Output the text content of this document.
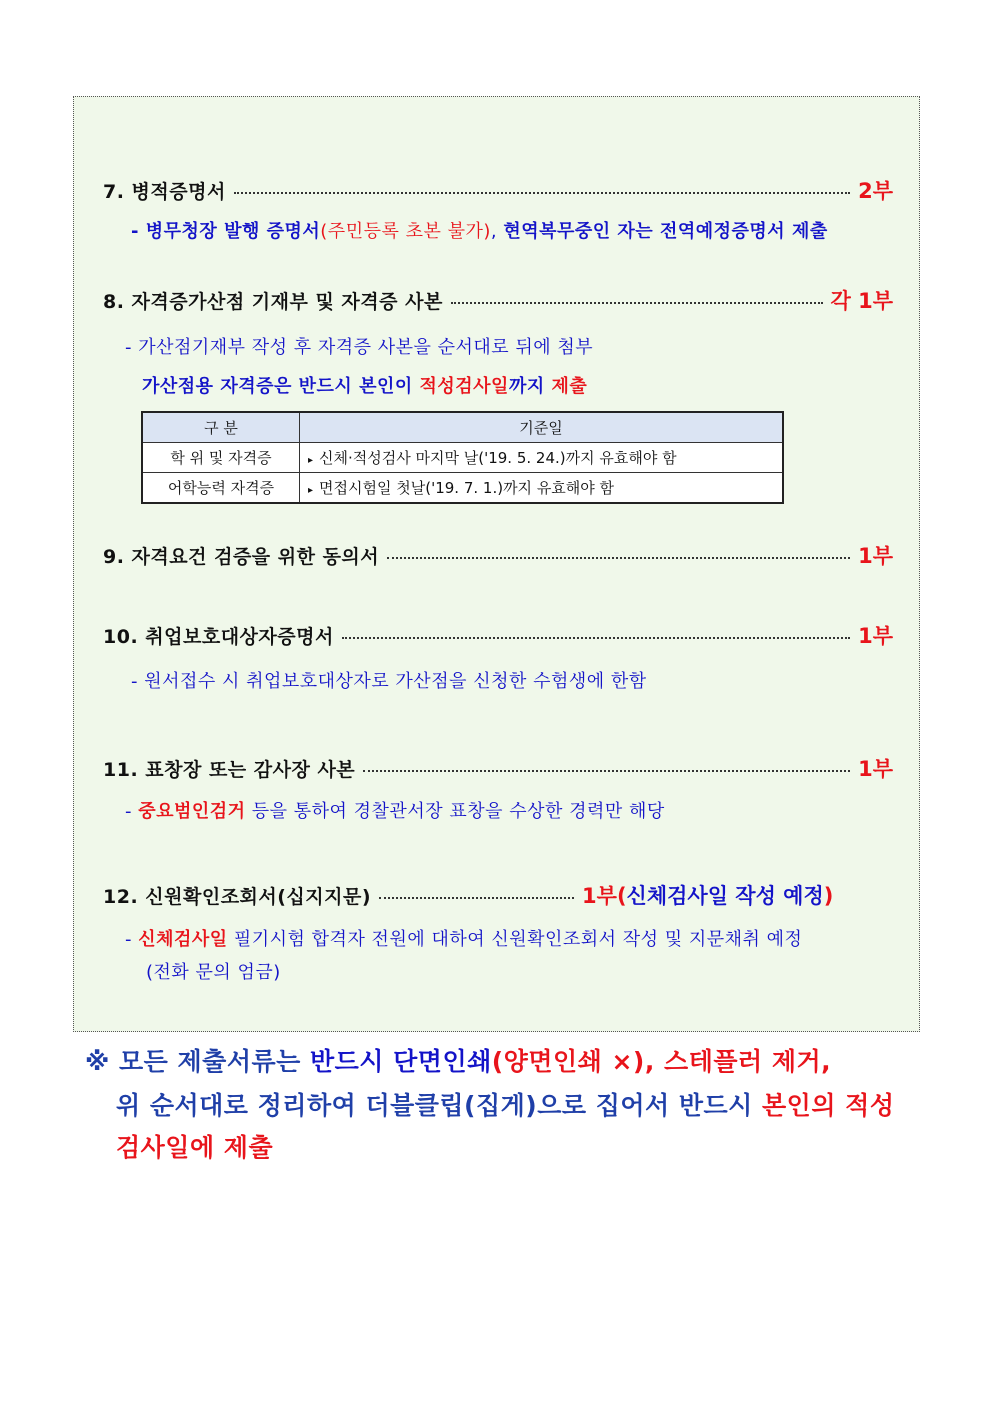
7. 병적증명서	2부
- 병무청장 발행 증명서(주민등록 초본 불가), 현역복무중인 자는 전역예정증명서 제출
8. 자격증가산점 기재부 및 자격증 사본	각 1부
- 가산점기재부 작성 후 자격증 사본을 순서대로 뒤에 첨부
가산점용 자격증은 반드시 본인이 적성검사일까지 제출
구 분	기준일
학 위 및 자격증	▸ 신체·적성검사 마지막 날('19. 5. 24.)까지 유효해야 함
어학능력 자격증	▸ 면접시험일 첫날('19. 7. 1.)까지 유효해야 함
9. 자격요건 검증을 위한 동의서	1부
10. 취업보호대상자증명서	1부
- 원서접수 시 취업보호대상자로 가산점을 신청한 수험생에 한함
11. 표창장 또는 감사장 사본	1부
- 중요범인검거 등을 통하여 경찰관서장 표창을 수상한 경력만 해당
12. 신원확인조회서(십지지문)	1부(신체검사일 작성 예정)
- 신체검사일 필기시험 합격자 전원에 대하여 신원확인조회서 작성 및 지문채취 예정
(전화 문의 엄금)
※ 모든 제출서류는 반드시 단면인쇄(양면인쇄 ×), 스테플러 제거,
위 순서대로 정리하여 더블클립(집게)으로 집어서 반드시 본인의 적성
검사일에 제출
